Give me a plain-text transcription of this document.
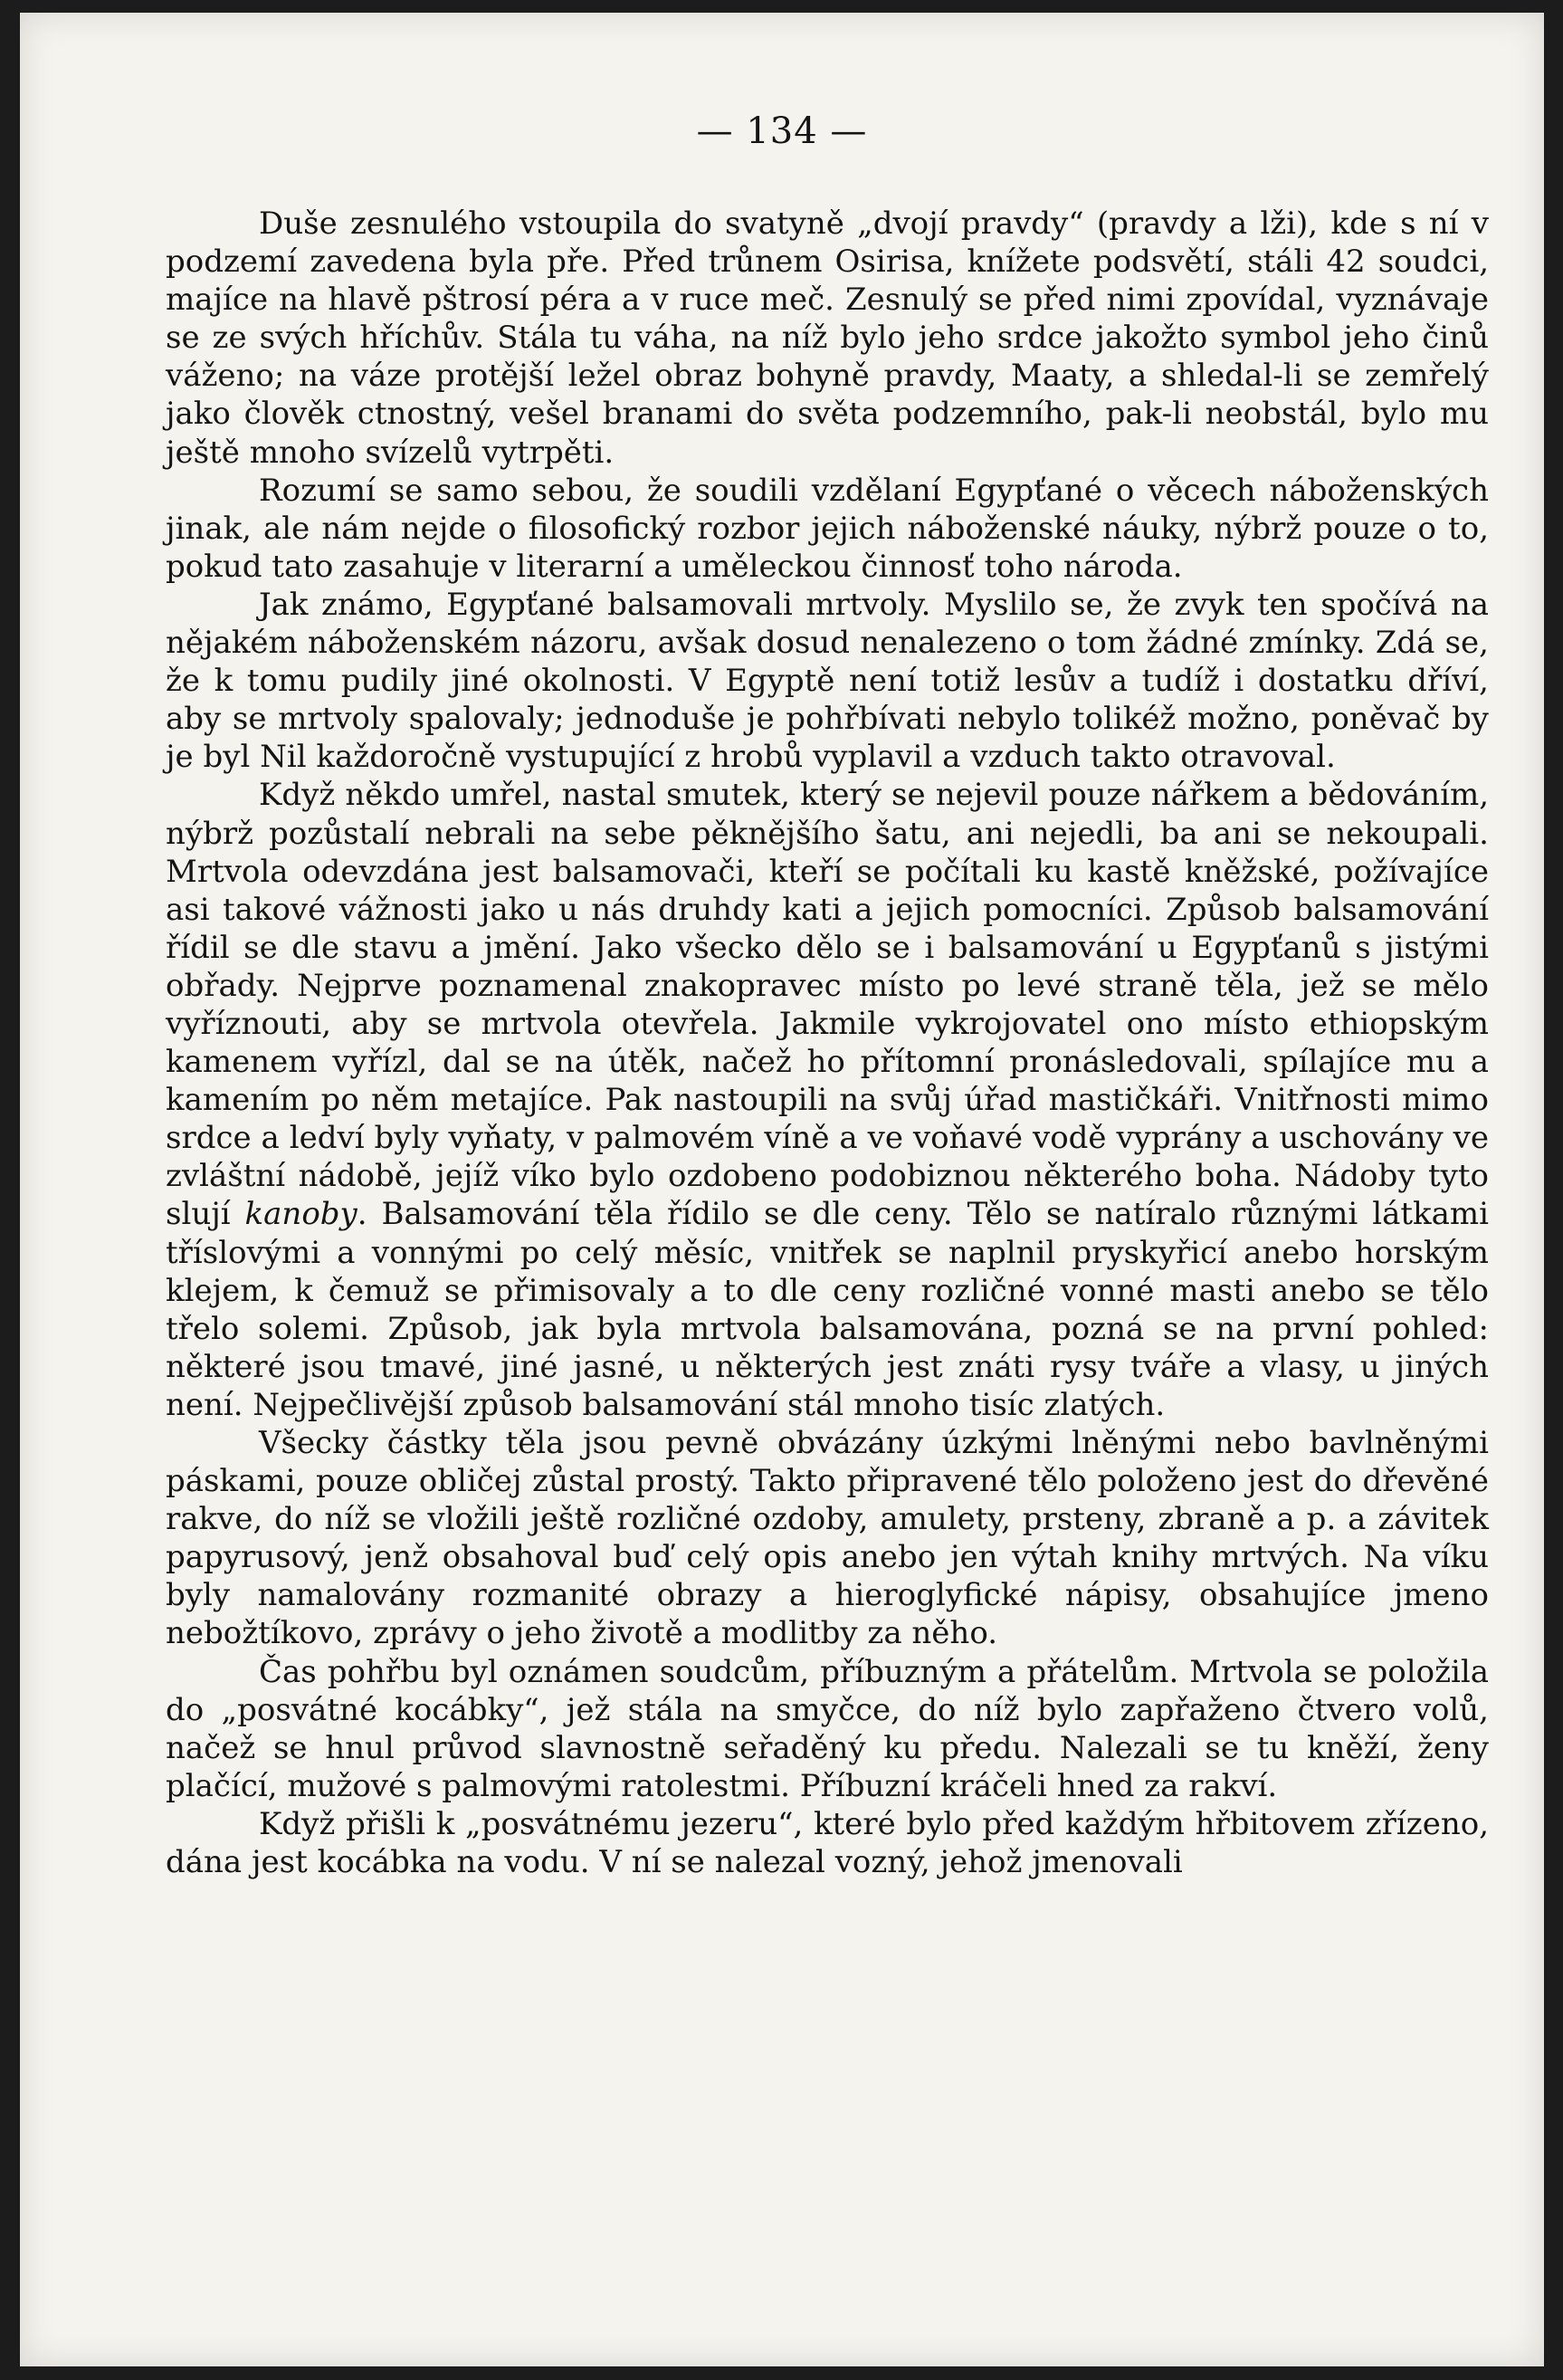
— 134 —

Duše zesnulého vstoupila do svatyně „dvojí pravdy“ (pravdy a lži), kde s ní v podzemí zavedena byla pře. Před trůnem Osirisa, knížete podsvětí, stáli 42 soudci, majíce na hlavě pštrosí péra a v ruce meč. Zesnulý se před nimi zpovídal, vyznávaje se ze svých hříchův. Stála tu váha, na níž bylo jeho srdce jakožto symbol jeho činů váženo; na váze protější ležel obraz bohyně pravdy, Maaty, a shledal-li se zemřelý jako člověk ctnostný, vešel branami do světa podzemního, pak-li neobstál, bylo mu ještě mnoho svízelů vytrpěti.

Rozumí se samo sebou, že soudili vzdělaní Egypťané o věcech náboženských jinak, ale nám nejde o filosofický rozbor jejich náboženské náuky, nýbrž pouze o to, pokud tato zasahuje v literarní a uměleckou činnosť toho národa.

Jak známo, Egypťané balsamovali mrtvoly. Myslilo se, že zvyk ten spočívá na nějakém náboženském názoru, avšak dosud nenalezeno o tom žádné zmínky. Zdá se, že k tomu pudily jiné okolnosti. V Egyptě není totiž lesův a tudíž i dostatku dříví, aby se mrtvoly spalovaly; jednoduše je pohřbívati nebylo tolikéž možno, poněvač by je byl Nil každoročně vystupující z hrobů vyplavil a vzduch takto otravoval.

Když někdo umřel, nastal smutek, který se nejevil pouze nářkem a bědováním, nýbrž pozůstalí nebrali na sebe pěknějšího šatu, ani nejedli, ba ani se nekoupali. Mrtvola odevzdána jest balsamovači, kteří se počítali ku kastě kněžské, požívajíce asi takové vážnosti jako u nás druhdy kati a jejich pomocníci. Způsob balsamování řídil se dle stavu a jmění. Jako všecko dělo se i balsamování u Egypťanů s jistými obřady. Nejprve poznamenal znakopravec místo po levé straně těla, jež se mělo vyříznouti, aby se mrtvola otevřela. Jakmile vykrojovatel ono místo ethiopským kamenem vyřízl, dal se na útěk, načež ho přítomní pronásledovali, spílajíce mu a kamením po něm metajíce. Pak nastoupili na svůj úřad mastičkáři. Vnitřnosti mimo srdce a ledví byly vyňaty, v palmovém víně a ve voňavé vodě vyprány a uschovány ve zvláštní nádobě, jejíž víko bylo ozdobeno podobiznou některého boha. Nádoby tyto slují kanoby. Balsamování těla řídilo se dle ceny. Tělo se natíralo různými látkami tříslovými a vonnými po celý měsíc, vnitřek se naplnil pryskyřicí anebo horským klejem, k čemuž se přimisovaly a to dle ceny rozličné vonné masti anebo se tělo třelo solemi. Způsob, jak byla mrtvola balsamována, pozná se na první pohled: některé jsou tmavé, jiné jasné, u některých jest znáti rysy tváře a vlasy, u jiných není. Nejpečlivější způsob balsamování stál mnoho tisíc zlatých.

Všecky částky těla jsou pevně obvázány úzkými lněnými nebo bavlněnými páskami, pouze obličej zůstal prostý. Takto připravené tělo položeno jest do dřevěné rakve, do níž se vložili ještě rozličné ozdoby, amulety, prsteny, zbraně a p. a závitek papyrusový, jenž obsahoval buď celý opis anebo jen výtah knihy mrtvých. Na víku byly namalovány rozmanité obrazy a hieroglyfické nápisy, obsahujíce jmeno nebožtíkovo, zprávy o jeho životě a modlitby za něho.

Čas pohřbu byl oznámen soudcům, příbuzným a přátelům. Mrtvola se položila do „posvátné kocábky“, jež stála na smyčce, do níž bylo zapřaženo čtvero volů, načež se hnul průvod slavnostně seřaděný ku předu. Nalezali se tu kněží, ženy plačící, mužové s palmovými ratolestmi. Příbuzní kráčeli hned za rakví.

Když přišli k „posvátnému jezeru“, které bylo před každým hřbitovem zřízeno, dána jest kocábka na vodu. V ní se nalezal vozný, jehož jmenovali
